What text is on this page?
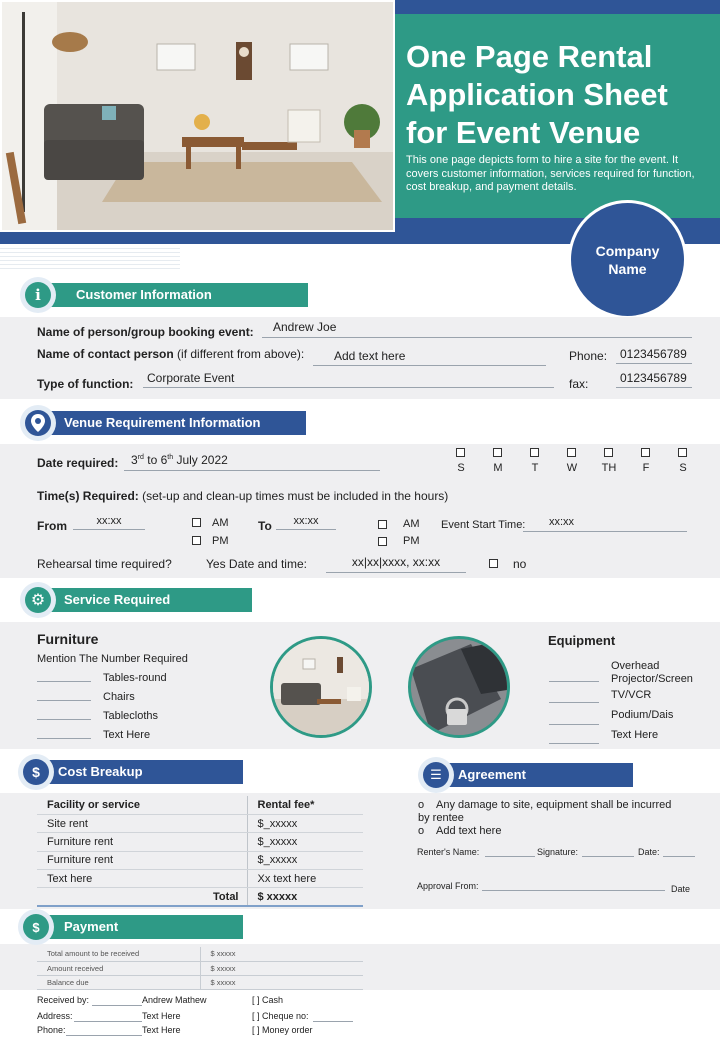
One Page Rental Application Sheet for Event Venue
This one page depicts form to hire a site for the event. It covers customer information, services required for function, cost breakup, and payment details.
Company Name
Customer Information
i
Name of person/group booking event:	Andrew Joe
Name of contact person (if different from above):	Add text here	Phone:	0123456789
Type of function:	Corporate Event	fax:	0123456789
Venue Requirement Information
Date required:	3rd to 6th July 2022
S	M	T	W	TH	F	S
Time(s) Required: (set-up and clean-up times must be included in the hours)
From	xx:xx	AM
PM
To	xx:xx	AM
PM
Event Start Time:	xx:xx
Rehearsal time required?	Yes Date and time:	xx|xx|xxxx, xx:xx	no
Service Required
⚙
Furniture
Mention The Number Required
Tables-round
Chairs
Tablecloths
Text Here
Equipment
Overhead Projector/Screen
TV/VCR
Podium/Dais
Text Here
Cost Breakup
$
Facility or service	Rental fee*
Site rent	$_xxxxx
Furniture rent	$_xxxxx
Furniture rent	$_xxxxx
Text here	Xx text here
Total	$ xxxxx
Agreement
☰
o Any damage to site, equipment shall be incurred by rentee
o Add text here
Renter's Name:	Signature:	Date:
Approval From:	Date
Payment
$
Total amount to be received	$ xxxxx
Amount received	$ xxxxx
Balance due	$ xxxxx
Received by:	Andrew Mathew	[ ] Cash
Address:	Text Here	[ ] Cheque no:
Phone:	Text Here	[ ] Money order
